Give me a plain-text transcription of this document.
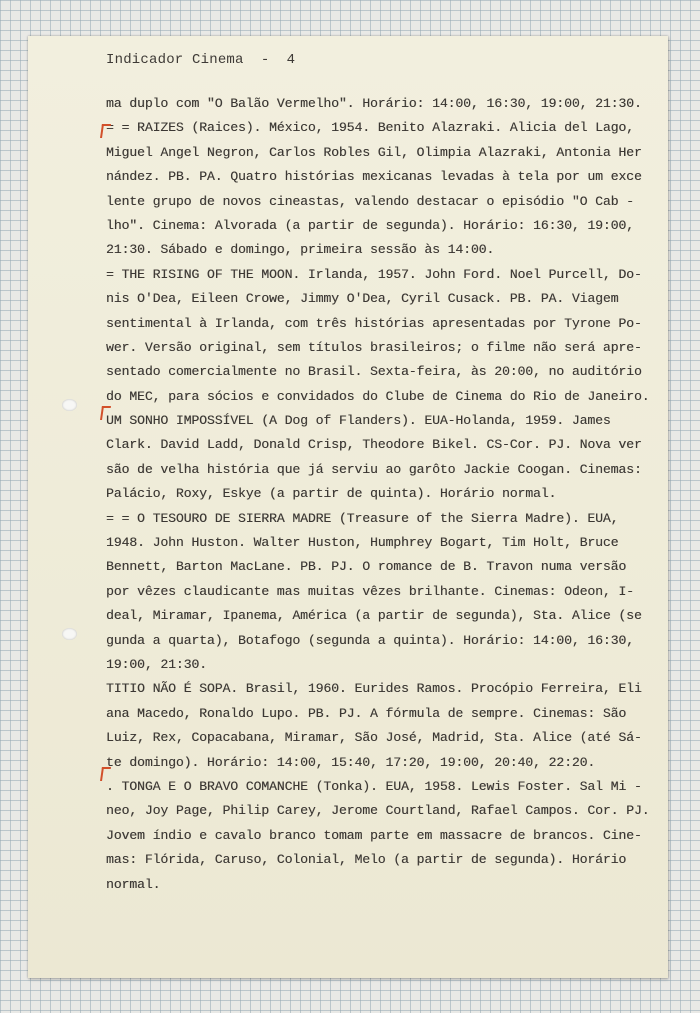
Indicador Cinema  -  4
ma duplo com "O Balão Vermelho". Horário: 14:00, 16:30, 19:00, 21:30.
= = RAIZES (Raices). México, 1954. Benito Alazraki. Alicia del Lago,
Miguel Angel Negron, Carlos Robles Gil, Olimpia Alazraki, Antonia Her
nández. PB. PA. Quatro histórias mexicanas levadas à tela por um exce
lente grupo de novos cineastas, valendo destacar o episódio "O Cab -
lho". Cinema: Alvorada (a partir de segunda). Horário: 16:30, 19:00,
21:30. Sábado e domingo, primeira sessão às 14:00.
= THE RISING OF THE MOON. Irlanda, 1957. John Ford. Noel Purcell, Do-
nis O'Dea, Eileen Crowe, Jimmy O'Dea, Cyril Cusack. PB. PA. Viagem
sentimental à Irlanda, com três histórias apresentadas por Tyrone Po-
wer. Versão original, sem títulos brasileiros; o filme não será apre-
sentado comercialmente no Brasil. Sexta-feira, às 20:00, no auditório
do MEC, para sócios e convidados do Clube de Cinema do Rio de Janeiro.
UM SONHO IMPOSSÍVEL (A Dog of Flanders). EUA-Holanda, 1959. James
Clark. David Ladd, Donald Crisp, Theodore Bikel. CS-Cor. PJ. Nova ver
são de velha história que já serviu ao garôto Jackie Coogan. Cinemas:
Palácio, Roxy, Eskye (a partir de quinta). Horário normal.
= = O TESOURO DE SIERRA MADRE (Treasure of the Sierra Madre). EUA,
1948. John Huston. Walter Huston, Humphrey Bogart, Tim Holt, Bruce
Bennett, Barton MacLane. PB. PJ. O romance de B. Travon numa versão
por vêzes claudicante mas muitas vêzes brilhante. Cinemas: Odeon, I-
deal, Miramar, Ipanema, América (a partir de segunda), Sta. Alice (se
gunda a quarta), Botafogo (segunda a quinta). Horário: 14:00, 16:30,
19:00, 21:30.
TITIO NÃO É SOPA. Brasil, 1960. Eurides Ramos. Procópio Ferreira, Eli
ana Macedo, Ronaldo Lupo. PB. PJ. A fórmula de sempre. Cinemas: São
Luiz, Rex, Copacabana, Miramar, São José, Madrid, Sta. Alice (até Sá-
te domingo). Horário: 14:00, 15:40, 17:20, 19:00, 20:40, 22:20.
. TONGA E O BRAVO COMANCHE (Tonka). EUA, 1958. Lewis Foster. Sal Mi -
neo, Joy Page, Philip Carey, Jerome Courtland, Rafael Campos. Cor. PJ.
Jovem índio e cavalo branco tomam parte em massacre de brancos. Cine-
mas: Flórida, Caruso, Colonial, Melo (a partir de segunda). Horário
normal.
